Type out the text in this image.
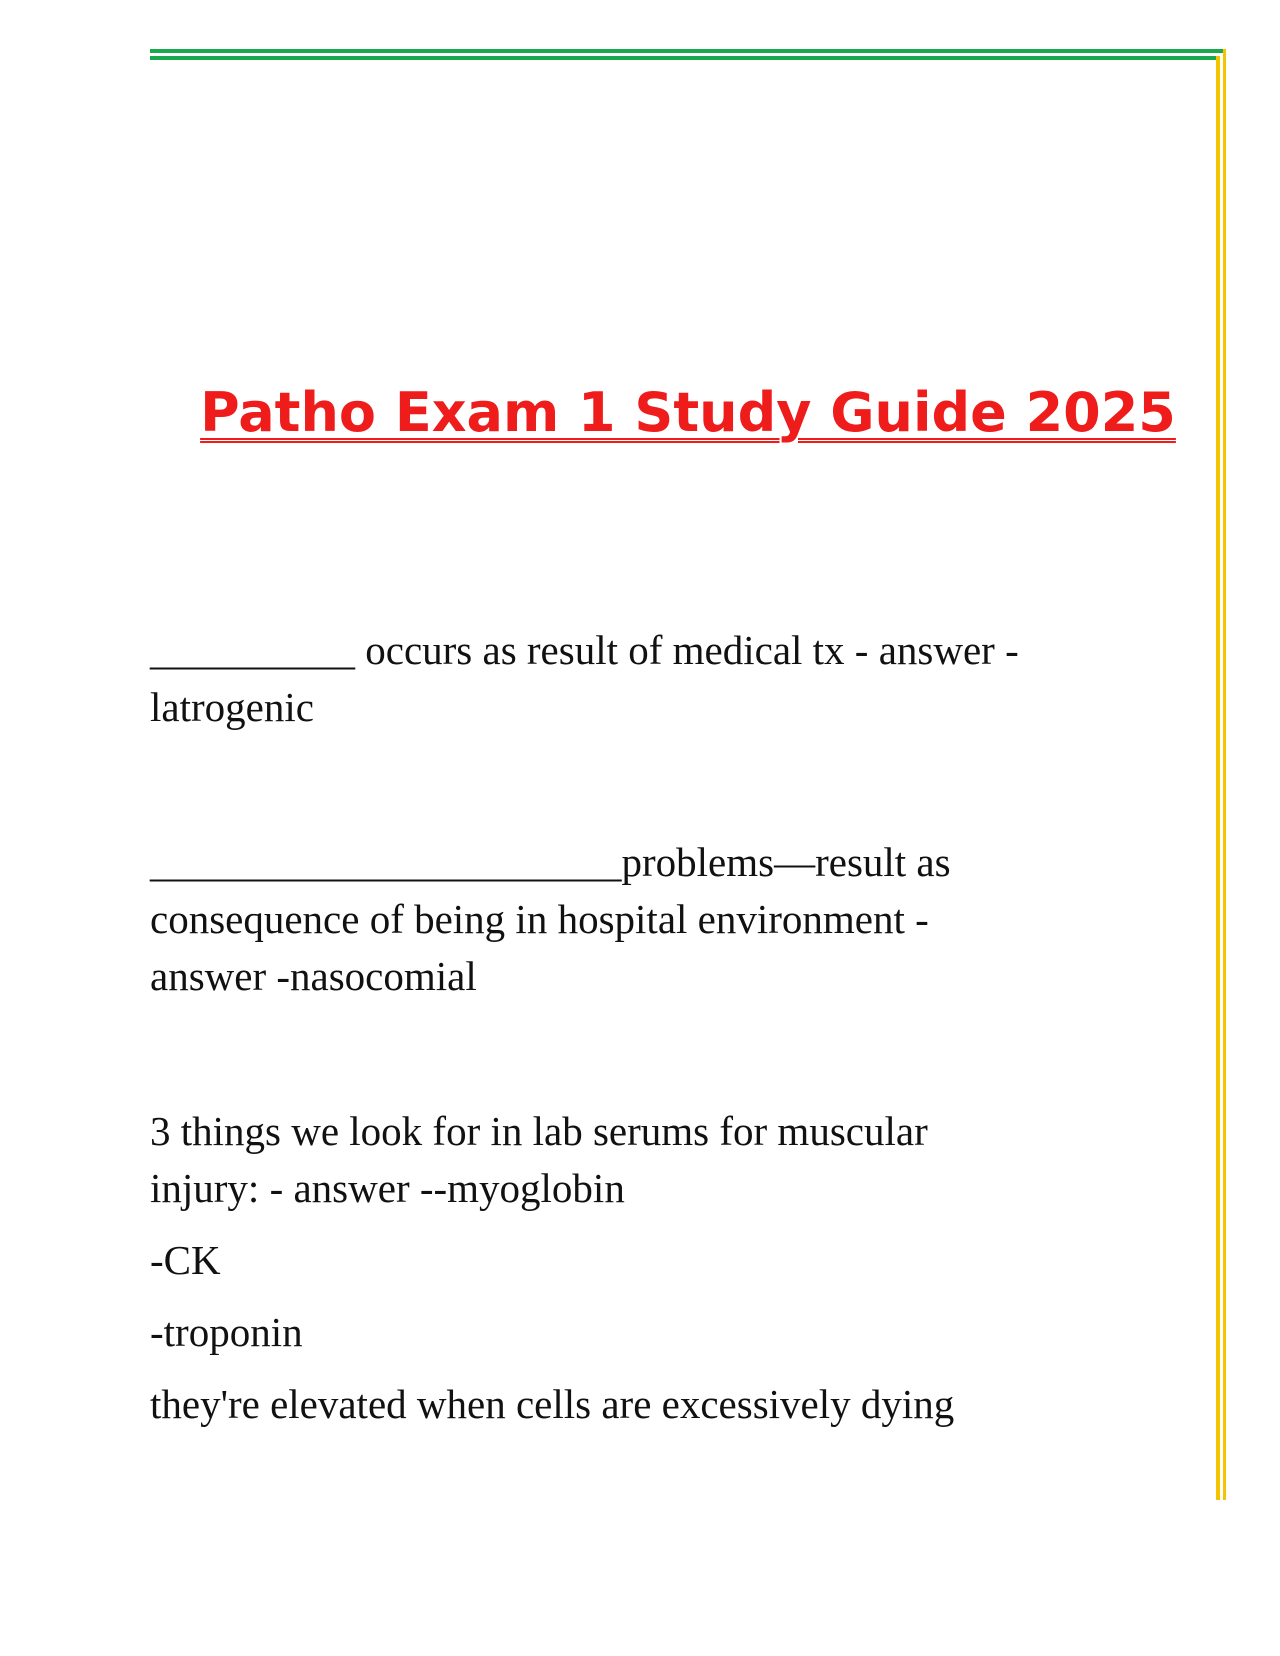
Patho Exam 1 Study Guide 2025
__________ occurs as result of medical tx - answer -
latrogenic
_______________________problems—result as
consequence of being in hospital environment -
answer -nasocomial
3 things we look for in lab serums for muscular
injury: - answer --myoglobin
-CK
-troponin
they're elevated when cells are excessively dying
